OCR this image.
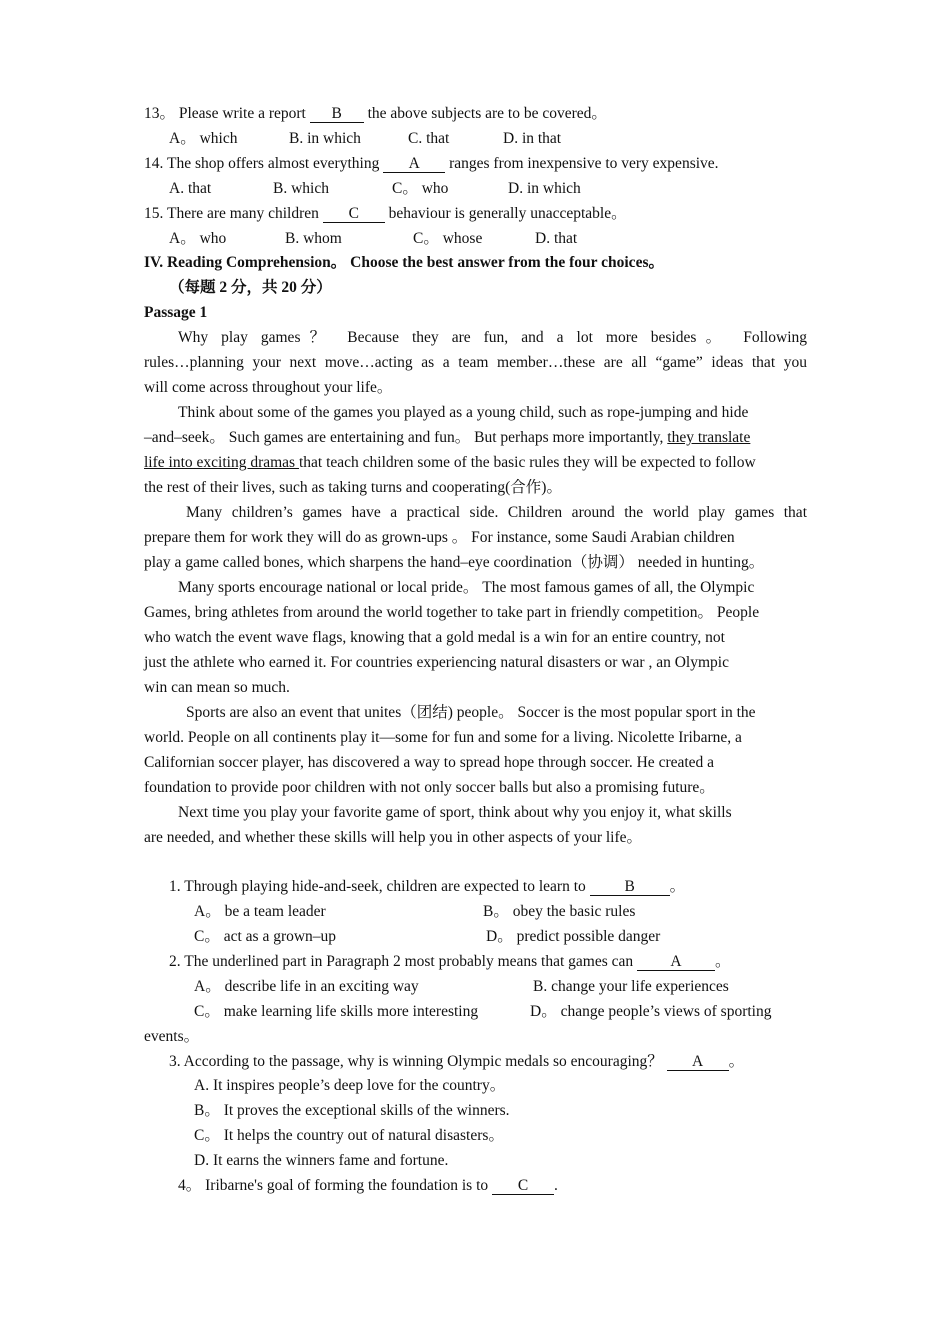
13。 Please write a report B the above subjects are to be covered。
A。 which	B. in which	C. that	D. in that
14. The shop offers almost everything A ranges from inexpensive to very expensive.
A. that	B. which	C。 who	D. in which
15. There are many children C behaviour is generally unacceptable。
A。 who	B. whom	C。 whose	D. that
IV. Reading Comprehension。 Choose the best answer from the four choices。
（每题 2 分，共 20 分）
Passage 1
Why play games？ Because they are fun, and a lot more besides。 Following
rules…planning your next move…acting as a team member…these are all “game” ideas that you
will come across throughout your life。
Think about some of the games you played as a young child, such as rope-jumping and hide
–and–seek。 Such games are entertaining and fun。 But perhaps more importantly, they translate
life into exciting dramas that teach children some of the basic rules they will be expected to follow
the rest of their lives, such as taking turns and cooperating(合作)。
Many children’s games have a practical side. Children around the world play games that
prepare them for work they will do as grown-ups 。 For instance, some Saudi Arabian children
play a game called bones, which sharpens the hand–eye coordination（协调） needed in hunting。
Many sports encourage national or local pride。 The most famous games of all, the Olympic
Games, bring athletes from around the world together to take part in friendly competition。 People
who watch the event wave flags, knowing that a gold medal is a win for an entire country, not
just the athlete who earned it. For countries experiencing natural disasters or war , an Olympic
win can mean so much.
Sports are also an event that unites（团结) people。 Soccer is the most popular sport in the
world. People on all continents play it—some for fun and some for a living. Nicolette Iribarne, a
Californian soccer player, has discovered a way to spread hope through soccer. He created a
foundation to provide poor children with not only soccer balls but also a promising future。
Next time you play your favorite game of sport, think about why you enjoy it, what skills
are needed, and whether these skills will help you in other aspects of your life。
1. Through playing hide-and-seek, children are expected to learn to B 。
A。 be a team leader	B。 obey the basic rules
C。 act as a grown–up	D。 predict possible danger
2. The underlined part in Paragraph 2 most probably means that games can A 。
A。 describe life in an exciting way	B. change your life experiences
C。 make learning life skills more interesting	D。 change people’s views of sporting
events。
3. According to the passage, why is winning Olympic medals so encouraging？ A 。
A. It inspires people’s deep love for the country。
B。 It proves the exceptional skills of the winners.
C。 It helps the country out of natural disasters。
D. It earns the winners fame and fortune.
4。 Iribarne's goal of forming the foundation is to C .
